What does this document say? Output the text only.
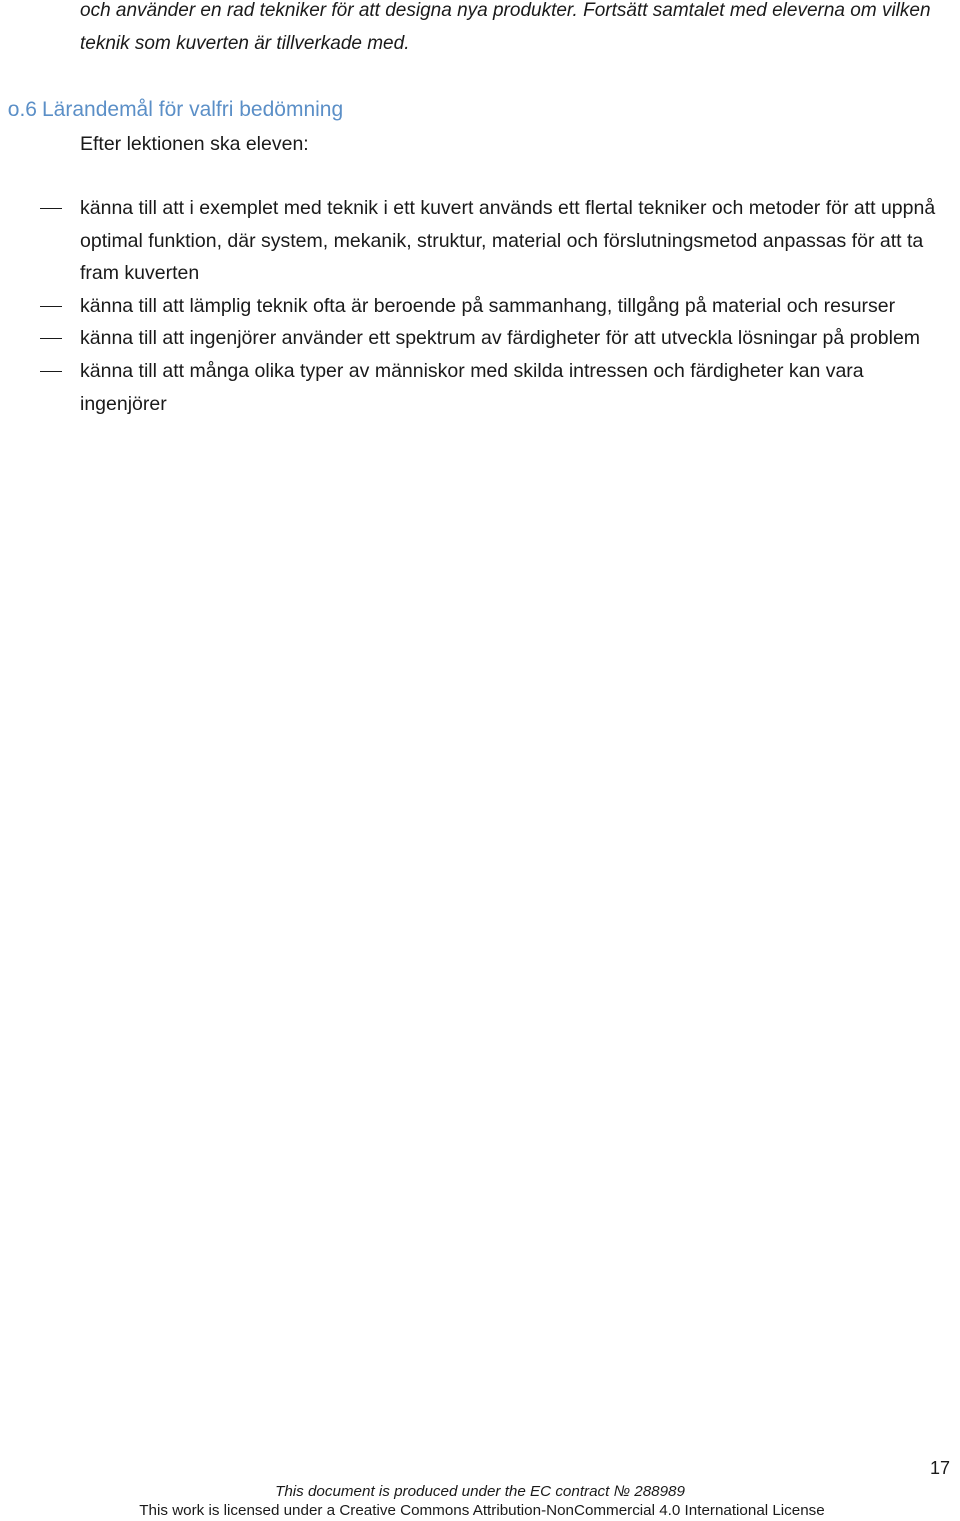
och använder en rad tekniker för att designa nya produkter. Fortsätt samtalet med eleverna om vilken teknik som kuverten är tillverkade med.

o.6 Lärandemål för valfri bedömning

Efter lektionen ska eleven:

känna till att i exemplet med teknik i ett kuvert används ett flertal tekniker och metoder för att uppnå optimal funktion, där system, mekanik, struktur, material och förslutningsmetod anpassas för att ta fram kuverten
känna till att lämplig teknik ofta är beroende på sammanhang, tillgång på material och resurser
känna till att ingenjörer använder ett spektrum av färdigheter för att utveckla lösningar på problem
känna till att många olika typer av människor med skilda intressen och färdigheter kan vara ingenjörer
17
This document is produced under the EC contract № 288989
This work is licensed under a Creative Commons Attribution-NonCommercial 4.0 International License
